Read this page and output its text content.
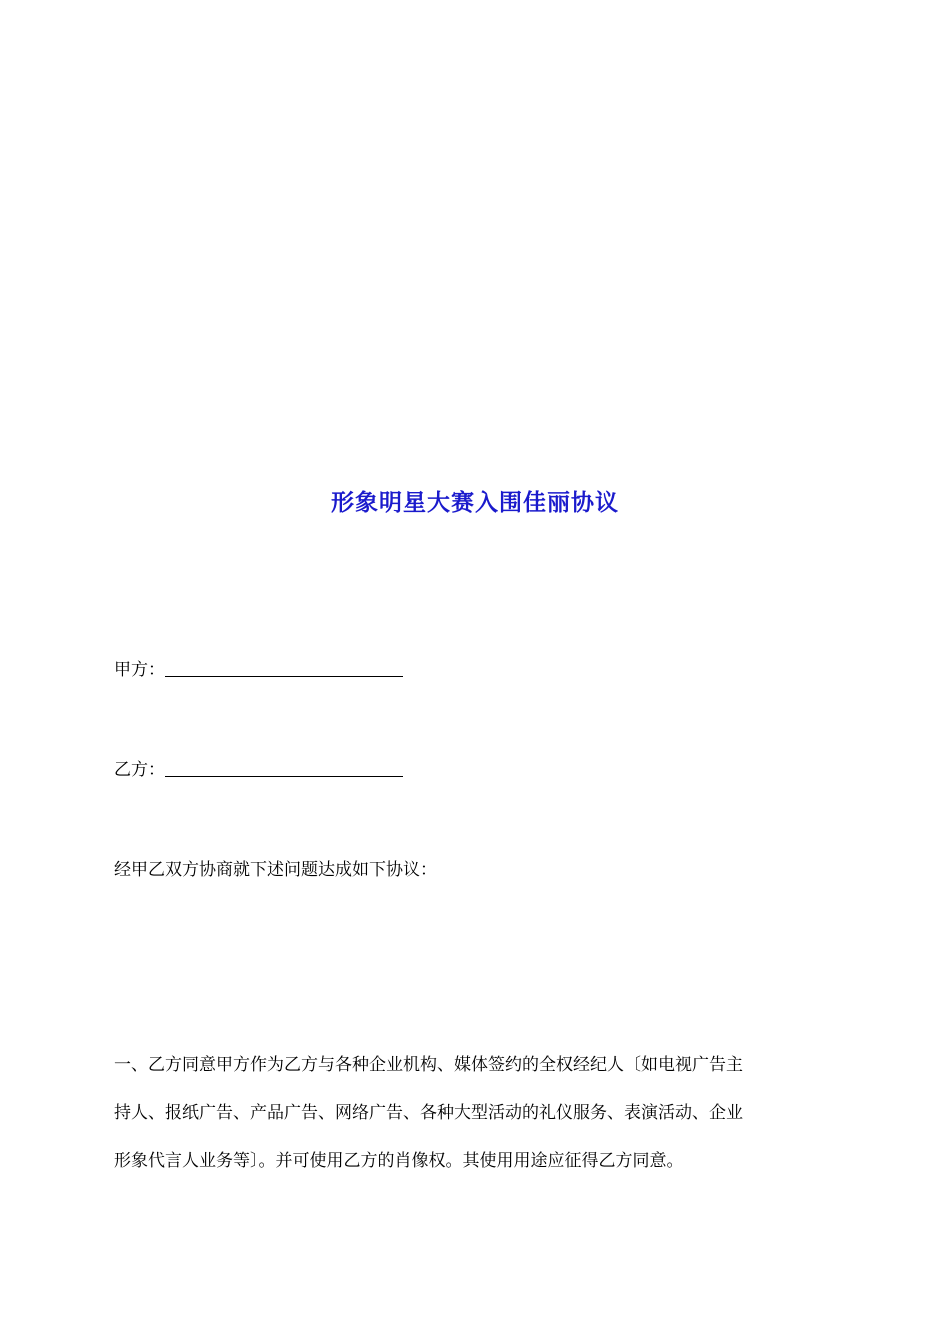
形象明星大赛入围佳丽协议
甲方：
乙方：
经甲乙双方协商就下述问题达成如下协议：
一、乙方同意甲方作为乙方与各种企业机构、媒体签约的全权经纪人〔如电视广告主
持人、报纸广告、产品广告、网络广告、各种大型活动的礼仪服务、表演活动、企业
形象代言人业务等〕。并可使用乙方的肖像权。其使用用途应征得乙方同意。
